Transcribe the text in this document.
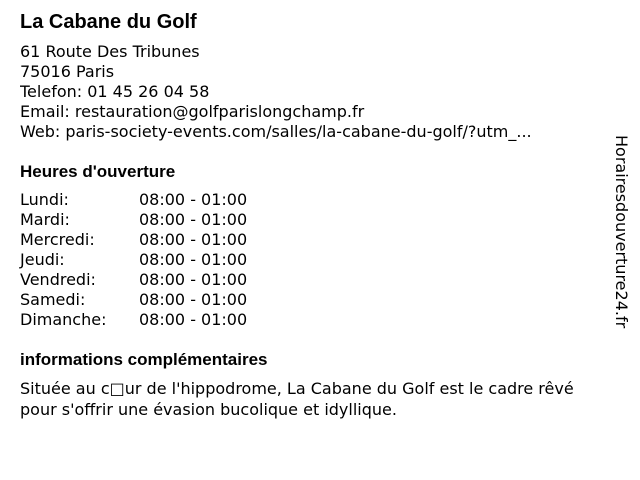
La Cabane du Golf
61 Route Des Tribunes
75016 Paris
Telefon: 01 45 26 04 58
Email: restauration@golfparislongchamp.fr
Web: paris-society-events.com/salles/la-cabane-du-golf/?utm_...
Heures d'ouverture
Lundi:	08:00 - 01:00
Mardi:	08:00 - 01:00
Mercredi:	08:00 - 01:00
Jeudi:	08:00 - 01:00
Vendredi:	08:00 - 01:00
Samedi:	08:00 - 01:00
Dimanche:	08:00 - 01:00
informations complémentaires
Située au c□ur de l'hippodrome, La Cabane du Golf est le cadre rêvé pour s'offrir une évasion bucolique et idyllique.
Horairesdouverture24.fr
